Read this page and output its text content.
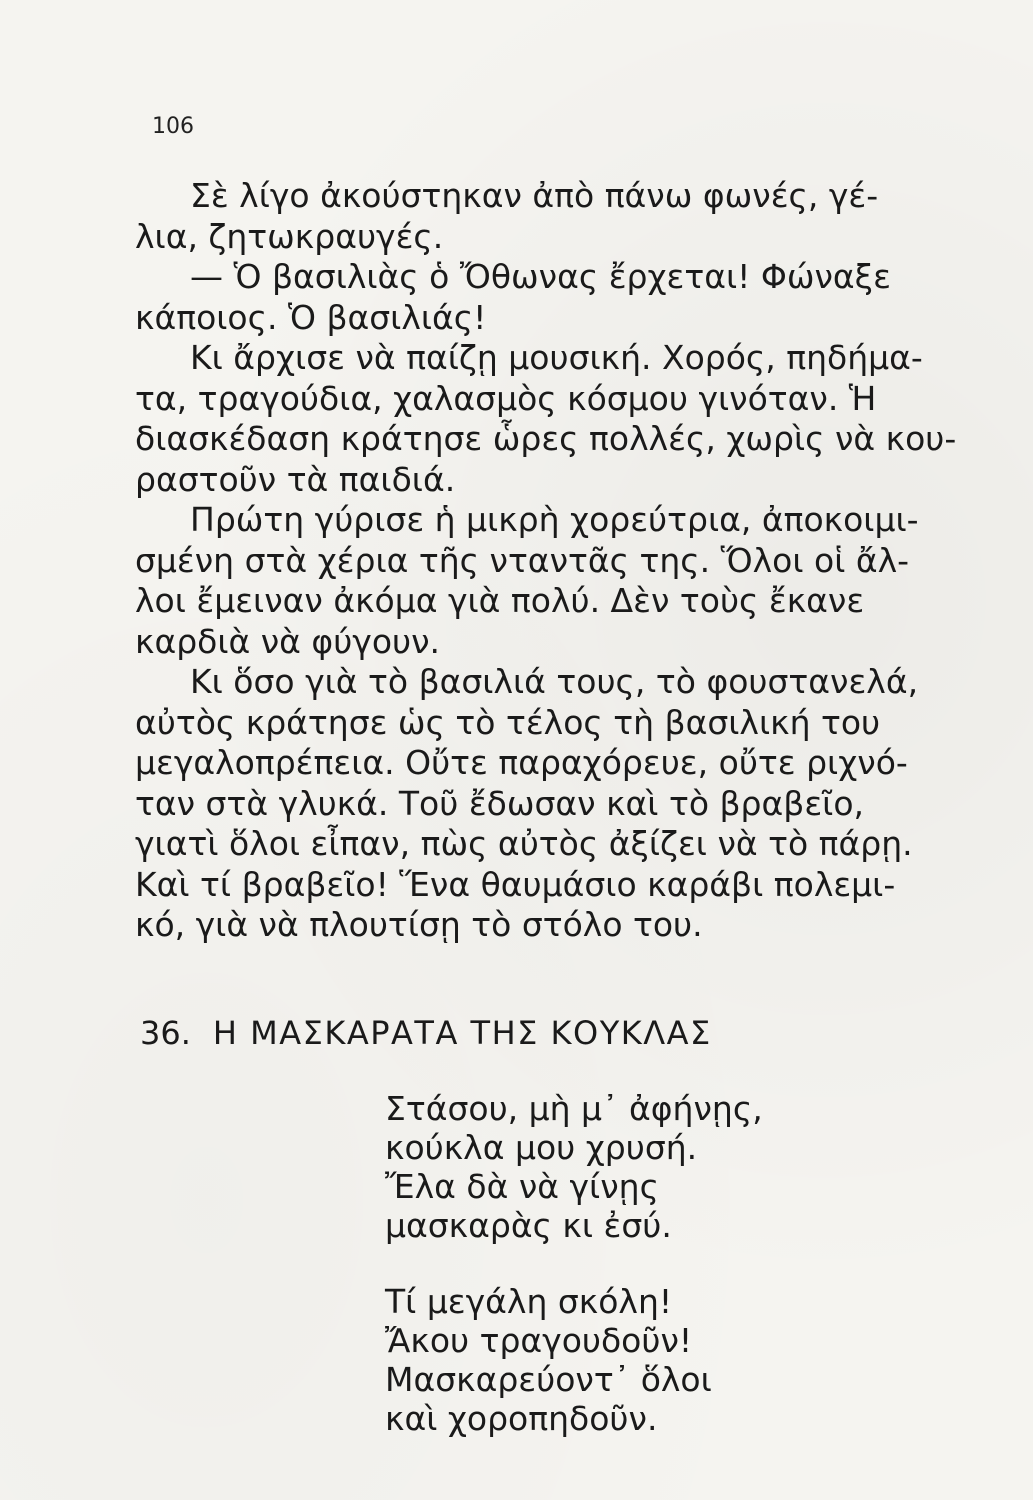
106
Σὲ λίγο ἀκούστηκαν ἀπὸ πάνω φωνές, γέ-
λια, ζητωκραυγές.
— Ὁ βασιλιὰς ὁ Ὄθωνας ἔρχεται! Φώναξε
κάποιος. Ὁ βασιλιάς!
Κι ἄρχισε νὰ παίζῃ μουσική. Χορός, πηδήμα-
τα, τραγούδια, χαλασμὸς κόσμου γινόταν. Ἡ
διασκέδαση κράτησε ὧρες πολλές, χωρὶς νὰ κου-
ραστοῦν τὰ παιδιά.
Πρώτη γύρισε ἡ μικρὴ χορεύτρια, ἀποκοιμι-
σμένη στὰ χέρια τῆς νταντᾶς της. Ὅλοι οἱ ἄλ-
λοι ἔμειναν ἀκόμα γιὰ πολύ. Δὲν τοὺς ἔκανε
καρδιὰ νὰ φύγουν.
Κι ὅσο γιὰ τὸ βασιλιά τους, τὸ φουστανελά,
αὐτὸς κράτησε ὡς τὸ τέλος τὴ βασιλική του
μεγαλοπρέπεια. Οὔτε παραχόρευε, οὔτε ριχνό-
ταν στὰ γλυκά. Τοῦ ἔδωσαν καὶ τὸ βραβεῖο,
γιατὶ ὅλοι εἶπαν, πὼς αὐτὸς ἀξίζει νὰ τὸ πάρῃ.
Καὶ τί βραβεῖο! Ἕνα θαυμάσιο καράβι πολεμι-
κό, γιὰ νὰ πλουτίσῃ τὸ στόλο του.
36. Η ΜΑΣΚΑΡΑΤΑ ΤΗΣ ΚΟΥΚΛΑΣ
Στάσου, μὴ μ᾽ ἀφήνῃς,
κούκλα μου χρυσή.
Ἔλα δὰ νὰ γίνῃς
μασκαρὰς κι ἐσύ.
Τί μεγάλη σκόλη!
Ἄκου τραγουδοῦν!
Μασκαρεύοντ᾽ ὅλοι
καὶ χοροπηδοῦν.
